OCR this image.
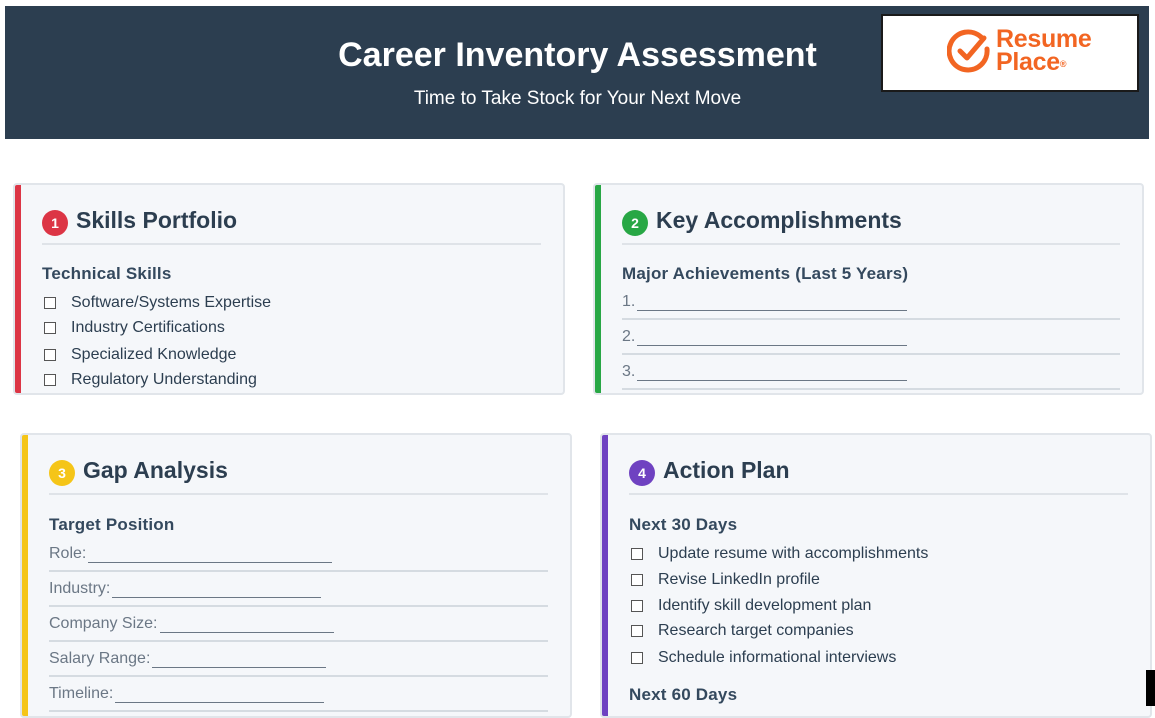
Career Inventory Assessment
Time to Take Stock for Your Next Move
Resume
Place®
1 Skills Portfolio
Technical Skills
Software/Systems Expertise
Industry Certifications
Specialized Knowledge
Regulatory Understanding
2 Key Accomplishments
Major Achievements (Last 5 Years)
1.
2.
3.
3 Gap Analysis
Target Position
Role:
Industry:
Company Size:
Salary Range:
Timeline:
4 Action Plan
Next 30 Days
Update resume with accomplishments
Revise LinkedIn profile
Identify skill development plan
Research target companies
Schedule informational interviews
Next 60 Days
